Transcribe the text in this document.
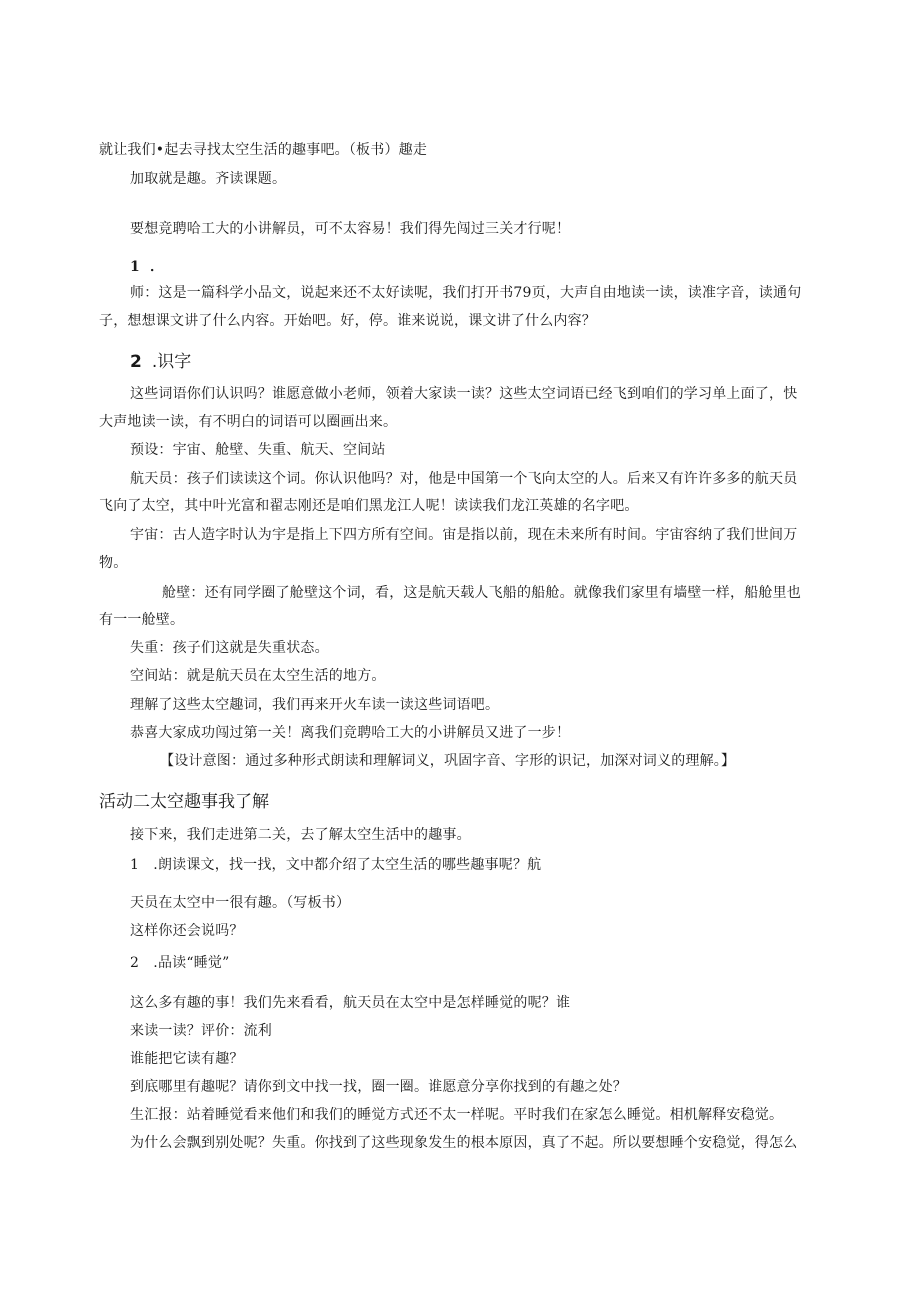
就让我们•起去寻找太空生活的趣事吧。（板书）趣走
加取就是趣。齐读课题。
要想竞聘哈工大的小讲解员，可不太容易！我们得先闯过三关才行呢！
1 ．
师：这是一篇科学小品文，说起来还不太好读呢，我们打开书79页，大声自由地读一读，读准字音，读通句
子，想想课文讲了什么内容。开始吧。好，停。谁来说说，课文讲了什么内容？
2 .识字
这些词语你们认识吗？谁愿意做小老师，领着大家读一读？这些太空词语已经飞到咱们的学习单上面了，快
大声地读一读，有不明白的词语可以圈画出来。
预设：宇宙、舱壁、失重、航天、空间站
航天员：孩子们读读这个词。你认识他吗？对，他是中国第一个飞向太空的人。后来又有许许多多的航天员
飞向了太空，其中叶光富和翟志刚还是咱们黑龙江人呢！读读我们龙江英雄的名字吧。
宇宙：古人造字时认为宇是指上下四方所有空间。宙是指以前，现在未来所有时间。宇宙容纳了我们世间万
物。
舱壁：还有同学圈了舱壁这个词，看，这是航天载人飞船的船舱。就像我们家里有墙壁一样，船舱里也
有一一舱壁。
失重：孩子们这就是失重状态。
空间站：就是航天员在太空生活的地方。
理解了这些太空趣词，我们再来开火车读一读这些词语吧。
恭喜大家成功闯过第一关！离我们竞聘哈工大的小讲解员又进了一步！
【设计意图：通过多种形式朗读和理解词义，巩固字音、字形的识记，加深对词义的理解。】
活动二太空趣事我了解
接下来，我们走进第二关，去了解太空生活中的趣事。
1　.朗读课文，找一找，文中都介绍了太空生活的哪些趣事呢？航
天员在太空中一很有趣。（写板书）
这样你还会说吗？
2　.品读“睡觉”
这么多有趣的事！我们先来看看，航天员在太空中是怎样睡觉的呢？谁
来读一读？评价：流利
谁能把它读有趣？
到底哪里有趣呢？请你到文中找一找，圈一圈。谁愿意分享你找到的有趣之处？
生汇报：站着睡觉看来他们和我们的睡觉方式还不太一样呢。平时我们在家怎么睡觉。相机解释安稳觉。
为什么会飘到别处呢？失重。你找到了这些现象发生的根本原因，真了不起。所以要想睡个安稳觉，得怎么
